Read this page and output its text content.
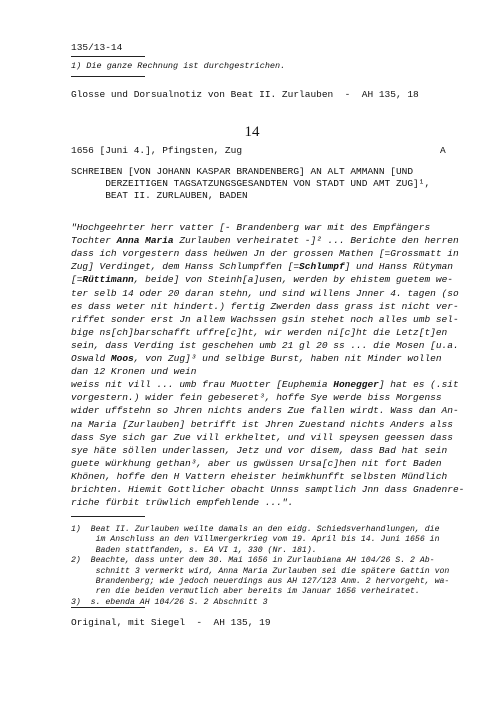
135/13-14
1) Die ganze Rechnung ist durchgestrichen.
Glosse und Dorsualnotiz von Beat II. Zurlauben  -  AH 135, 18
14
1656 [Juni 4.], Pfingsten, Zug	A
SCHREIBEN [VON JOHANN KASPAR BRANDENBERG] AN ALT AMMANN [UND
DERZEITIGEN TAGSATZUNGSGESANDTEN VON STADT UND AMT ZUG]¹,
BEAT II. ZURLAUBEN, BADEN
"Hochgeehrter herr vatter [- Brandenberg war mit des Empfängers
Tochter Anna Maria Zurlauben verheiratet -]² ... Berichte den herren
dass ich vorgestern dass heüwen Jn der grossen Mathen [=Grossmatt in
Zug] Verdinget, dem Hanss Schlumpffen [=Schlumpf] und Hanss Rütyman
[=Rüttimann, beide] von Steinh[a]usen, werden by ehistem guetem we-
ter selb 14 oder 20 daran stehn, und sind willens Jnner 4. tagen (so
es dass weter nit hindert.) fertig Zwerden dass grass ist nicht ver-
riffet sonder erst Jn allem Wachssen gsin stehet noch alles umb sel-
bige ns[ch]barschafft uffre[c]ht, wir werden ni[c]ht die Letz[t]en
sein, dass Verding ist geschehen umb 21 gl 20 ss ... die Mosen [u.a.
Oswald Moos, von Zug]³ und selbige Burst, haben nit Minder wollen
dan 12 Kronen und wein
weiss nit vill ... umb frau Muotter [Euphemia Honegger] hat es (.sit
vorgestern.) wider fein gebeseret³, hoffe Sye werde biss Morgenss
wider uffstehn so Jhren nichts anders Zue fallen wirdt. Wass dan An-
na Maria [Zurlauben] betrifft ist Jhren Zuestand nichts Anders alss
dass Sye sich gar Zue vill erkheltet, und vill speysen geessen dass
sye häte söllen underlassen, Jetz und vor disem, dass Bad hat sein
guete würkhung gethan³, aber us gwüssen Ursa[c]hen nit fort Baden
Khönen, hoffe den H Vattern eheister heimkhunfft selbsten Mündlich
brichten. Hiemit Gottlicher obacht Unnss samptlich Jnn dass Gnadenre-
riche fürbit trüwlich empfehlende ...".
1)  Beat II. Zurlauben weilte damals an den eidg. Schiedsverhandlungen, die
im Anschluss an den Villmergerkrieg vom 19. April bis 14. Juni 1656 in
Baden stattfanden, s. EA VI 1, 330 (Nr. 181).
2)  Beachte, dass unter dem 30. Mai 1656 in Zurlaubiana AH 104/26 S. 2 Ab-
schnitt 3 vermerkt wird, Anna Maria Zurlauben sei die spätere Gattin von
Brandenberg; wie jedoch neuerdings aus AH 127/123 Anm. 2 hervorgeht, wa-
ren die beiden vermutlich aber bereits im Januar 1656 verheiratet.
3)  s. ebenda AH 104/26 S. 2 Abschnitt 3
Original, mit Siegel  -  AH 135, 19
